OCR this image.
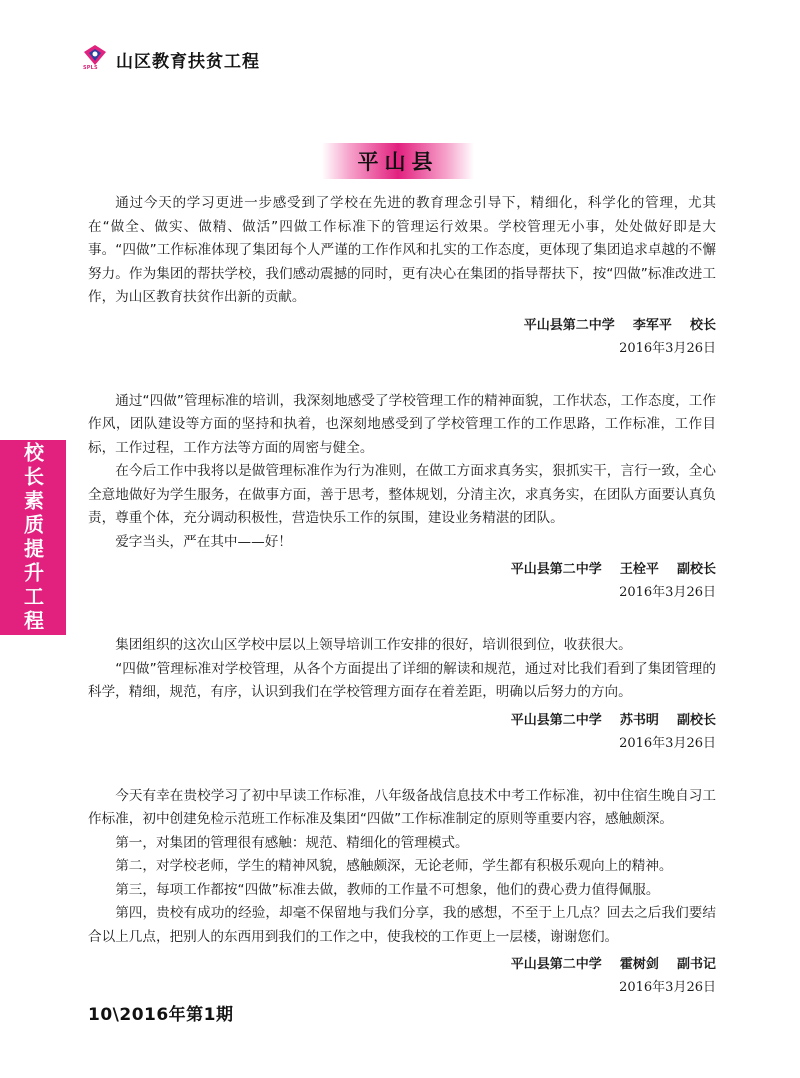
SPLS 山区教育扶贫工程
校长素质提升工程
平山县

通过今天的学习更进一步感受到了学校在先进的教育理念引导下，精细化，科学化的管理，尤其在“做全、做实、做精、做活”四做工作标准下的管理运行效果。学校管理无小事，处处做好即是大事。“四做”工作标准体现了集团每个人严谨的工作作风和扎实的工作态度，更体现了集团追求卓越的不懈努力。作为集团的帮扶学校，我们感动震撼的同时，更有决心在集团的指导帮扶下，按“四做”标准改进工作，为山区教育扶贫作出新的贡献。

平山县第二中学    李军平    校长
2016年3月26日

通过“四做”管理标准的培训，我深刻地感受了学校管理工作的精神面貌，工作状态，工作态度，工作作风，团队建设等方面的坚持和执着，也深刻地感受到了学校管理工作的工作思路，工作标准，工作目标，工作过程，工作方法等方面的周密与健全。

在今后工作中我将以是做管理标准作为行为准则，在做工方面求真务实，狠抓实干，言行一致，全心全意地做好为学生服务，在做事方面，善于思考，整体规划，分清主次，求真务实，在团队方面要认真负责，尊重个体，充分调动积极性，营造快乐工作的氛围，建设业务精湛的团队。

爱字当头，严在其中——好！

平山县第二中学    王栓平    副校长
2016年3月26日

集团组织的这次山区学校中层以上领导培训工作安排的很好，培训很到位，收获很大。

“四做”管理标准对学校管理，从各个方面提出了详细的解读和规范，通过对比我们看到了集团管理的科学，精细，规范，有序，认识到我们在学校管理方面存在着差距，明确以后努力的方向。

平山县第二中学    苏书明    副校长
2016年3月26日

今天有幸在贵校学习了初中早读工作标准，八年级备战信息技术中考工作标准，初中住宿生晚自习工作标准，初中创建免检示范班工作标准及集团“四做”工作标准制定的原则等重要内容，感触颇深。

第一，对集团的管理很有感触：规范、精细化的管理模式。

第二，对学校老师，学生的精神风貌，感触颇深，无论老师，学生都有积极乐观向上的精神。

第三，每项工作都按“四做”标准去做，教师的工作量不可想象，他们的费心费力值得佩服。

第四，贵校有成功的经验，却毫不保留地与我们分享，我的感想，不至于上几点？回去之后我们要结合以上几点，把别人的东西用到我们的工作之中，使我校的工作更上一层楼，谢谢您们。

平山县第二中学    霍树剑    副书记
2016年3月26日
10\2016年第1期
